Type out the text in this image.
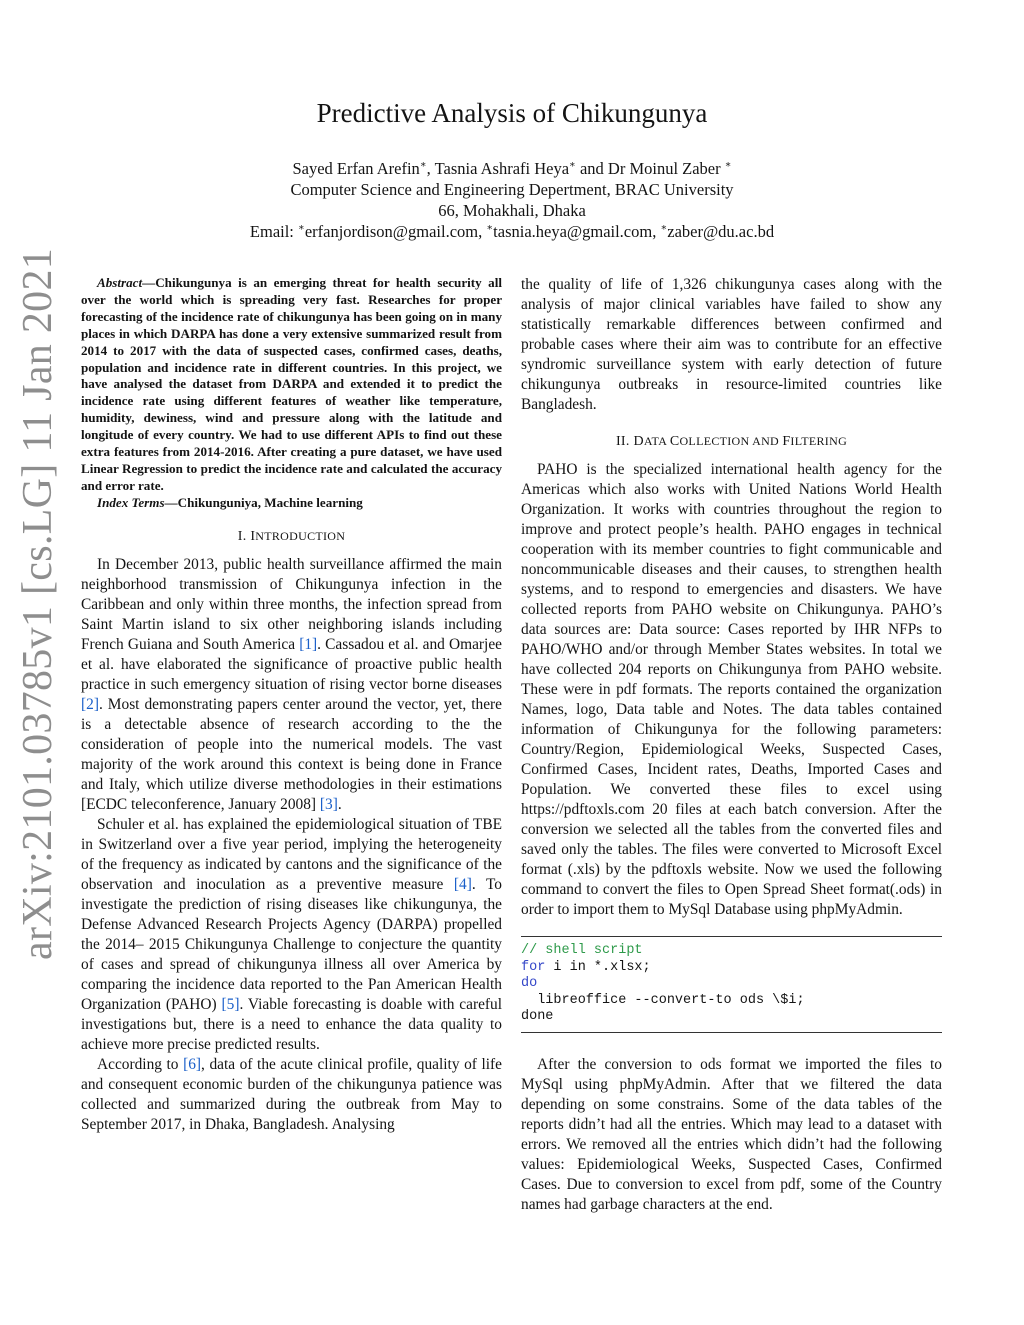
arXiv:2101.03785v1 [cs.LG] 11 Jan 2021
Predictive Analysis of Chikungunya
Sayed Erfan Arefin∗, Tasnia Ashrafi Heya∗ and Dr Moinul Zaber ∗
Computer Science and Engineering Depertment, BRAC University
66, Mohakhali, Dhaka
Email: ∗erfanjordison@gmail.com, ∗tasnia.heya@gmail.com, ∗zaber@du.ac.bd

Abstract—Chikungunya is an emerging threat for health security all over the world which is spreading very fast. Researches for proper forecasting of the incidence rate of chikungunya has been going on in many places in which DARPA has done a very extensive summarized result from 2014 to 2017 with the data of suspected cases, confirmed cases, deaths, population and incidence rate in different countries. In this project, we have analysed the dataset from DARPA and extended it to predict the incidence rate using different features of weather like temperature, humidity, dewiness, wind and pressure along with the latitude and longitude of every country. We had to use different APIs to find out these extra features from 2014-2016. After creating a pure dataset, we have used Linear Regression to predict the incidence rate and calculated the accuracy and error rate.

Index Terms—Chikunguniya, Machine learning

I. INTRODUCTION

In December 2013, public health surveillance affirmed the main neighborhood transmission of Chikungunya infection in the Caribbean and only within three months, the infection spread from Saint Martin island to six other neighboring islands including French Guiana and South America [1]. Cassadou et al. and Omarjee et al. have elaborated the significance of proactive public health practice in such emergency situation of rising vector borne diseases [2]. Most demonstrating papers center around the vector, yet, there is a detectable absence of research according to the the consideration of people into the numerical models. The vast majority of the work around this context is being done in France and Italy, which utilize diverse methodologies in their estimations [ECDC teleconference, January 2008] [3].

Schuler et al. has explained the epidemiological situation of TBE in Switzerland over a five year period, implying the heterogeneity of the frequency as indicated by cantons and the significance of the observation and inoculation as a preventive measure [4]. To investigate the prediction of rising diseases like chikungunya, the Defense Advanced Research Projects Agency (DARPA) propelled the 2014– 2015 Chikungunya Challenge to conjecture the quantity of cases and spread of chikungunya illness all over America by comparing the incidence data reported to the Pan American Health Organization (PAHO) [5]. Viable forecasting is doable with careful investigations but, there is a need to enhance the data quality to achieve more precise predicted results.

According to [6], data of the acute clinical profile, quality of life and consequent economic burden of the chikungunya patience was collected and summarized during the outbreak from May to September 2017, in Dhaka, Bangladesh. Analysing

the quality of life of 1,326 chikungunya cases along with the analysis of major clinical variables have failed to show any statistically remarkable differences between confirmed and probable cases where their aim was to contribute for an effective syndromic surveillance system with early detection of future chikungunya outbreaks in resource-limited countries like Bangladesh.

II. DATA COLLECTION AND FILTERING

PAHO is the specialized international health agency for the Americas which also works with United Nations World Health Organization. It works with countries throughout the region to improve and protect people’s health. PAHO engages in technical cooperation with its member countries to fight communicable and noncommunicable diseases and their causes, to strengthen health systems, and to respond to emergencies and disasters. We have collected reports from PAHO website on Chikungunya. PAHO’s data sources are: Data source: Cases reported by IHR NFPs to PAHO/WHO and/or through Member States websites. In total we have collected 204 reports on Chikungunya from PAHO website. These were in pdf formats. The reports contained the organization Names, logo, Data table and Notes. The data tables contained information of Chikungunya for the following parameters: Country/Region, Epidemiological Weeks, Suspected Cases, Confirmed Cases, Incident rates, Deaths, Imported Cases and Population. We converted these files to excel using https://pdftoxls.com 20 files at each batch conversion. After the conversion we selected all the tables from the converted files and saved only the tables. The files were converted to Microsoft Excel format (.xls) by the pdftoxls website. Now we used the following command to convert the files to Open Spread Sheet format(.ods) in order to import them to MySql Database using phpMyAdmin.

// shell script
for i in *.xlsx;
do
libreoffice --convert-to ods \$i;
done

After the conversion to ods format we imported the files to MySql using phpMyAdmin. After that we filtered the data depending on some constrains. Some of the data tables of the reports didn’t had all the entries. Which may lead to a dataset with errors. We removed all the entries which didn’t had the following values: Epidemiological Weeks, Suspected Cases, Confirmed Cases. Due to conversion to excel from pdf, some of the Country names had garbage characters at the end.
